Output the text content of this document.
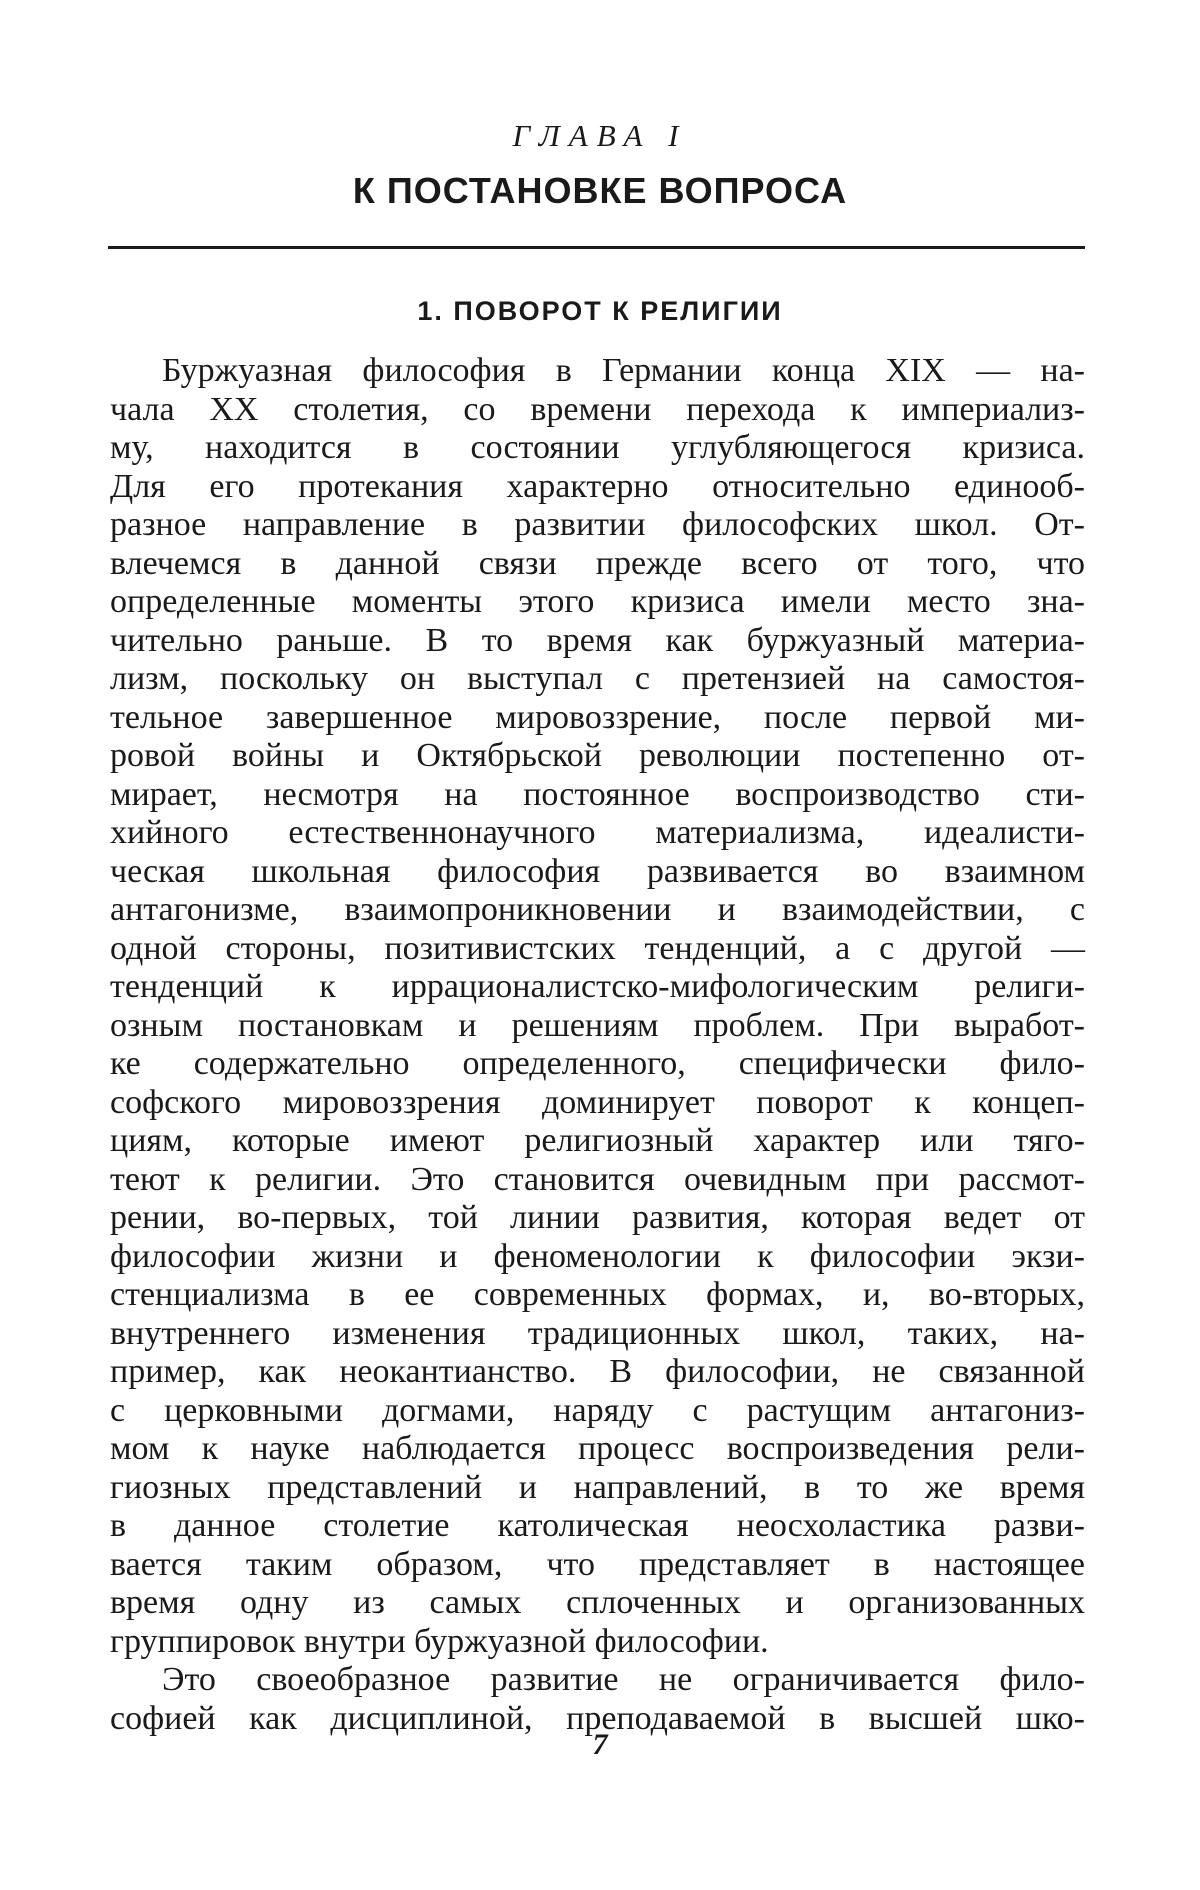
ГЛАВА I
К ПОСТАНОВКЕ ВОПРОСА
1. ПОВОРОТ К РЕЛИГИИ

Буржуазная философия в Германии конца XIX — на-
чала XX столетия, со времени перехода к империализ-
му, находится в состоянии углубляющегося кризиса.
Для его протекания характерно относительно единооб-
разное направление в развитии философских школ. От-
влечемся в данной связи прежде всего от того, что
определенные моменты этого кризиса имели место зна-
чительно раньше. В то время как буржуазный материа-
лизм, поскольку он выступал с претензией на самостоя-
тельное завершенное мировоззрение, после первой ми-
ровой войны и Октябрьской революции постепенно от-
мирает, несмотря на постоянное воспроизводство сти-
хийного естественнонаучного материализма, идеалисти-
ческая школьная философия развивается во взаимном
антагонизме, взаимопроникновении и взаимодействии, с
одной стороны, позитивистских тенденций, а с другой —
тенденций к иррационалистско-мифологическим религи-
озным постановкам и решениям проблем. При выработ-
ке содержательно определенного, специфически фило-
софского мировоззрения доминирует поворот к концеп-
циям, которые имеют религиозный характер или тяго-
теют к религии. Это становится очевидным при рассмот-
рении, во-первых, той линии развития, которая ведет от
философии жизни и феноменологии к философии экзи-
стенциализма в ее современных формах, и, во-вторых,
внутреннего изменения традиционных школ, таких, на-
пример, как неокантианство. В философии, не связанной
с церковными догмами, наряду с растущим антагониз-
мом к науке наблюдается процесс воспроизведения рели-
гиозных представлений и направлений, в то же время
в данное столетие католическая неосхоластика разви-
вается таким образом, что представляет в настоящее
время одну из самых сплоченных и организованных
группировок внутри буржуазной философии.

Это своеобразное развитие не ограничивается фило-
софией как дисциплиной, преподаваемой в высшей шко-

7
